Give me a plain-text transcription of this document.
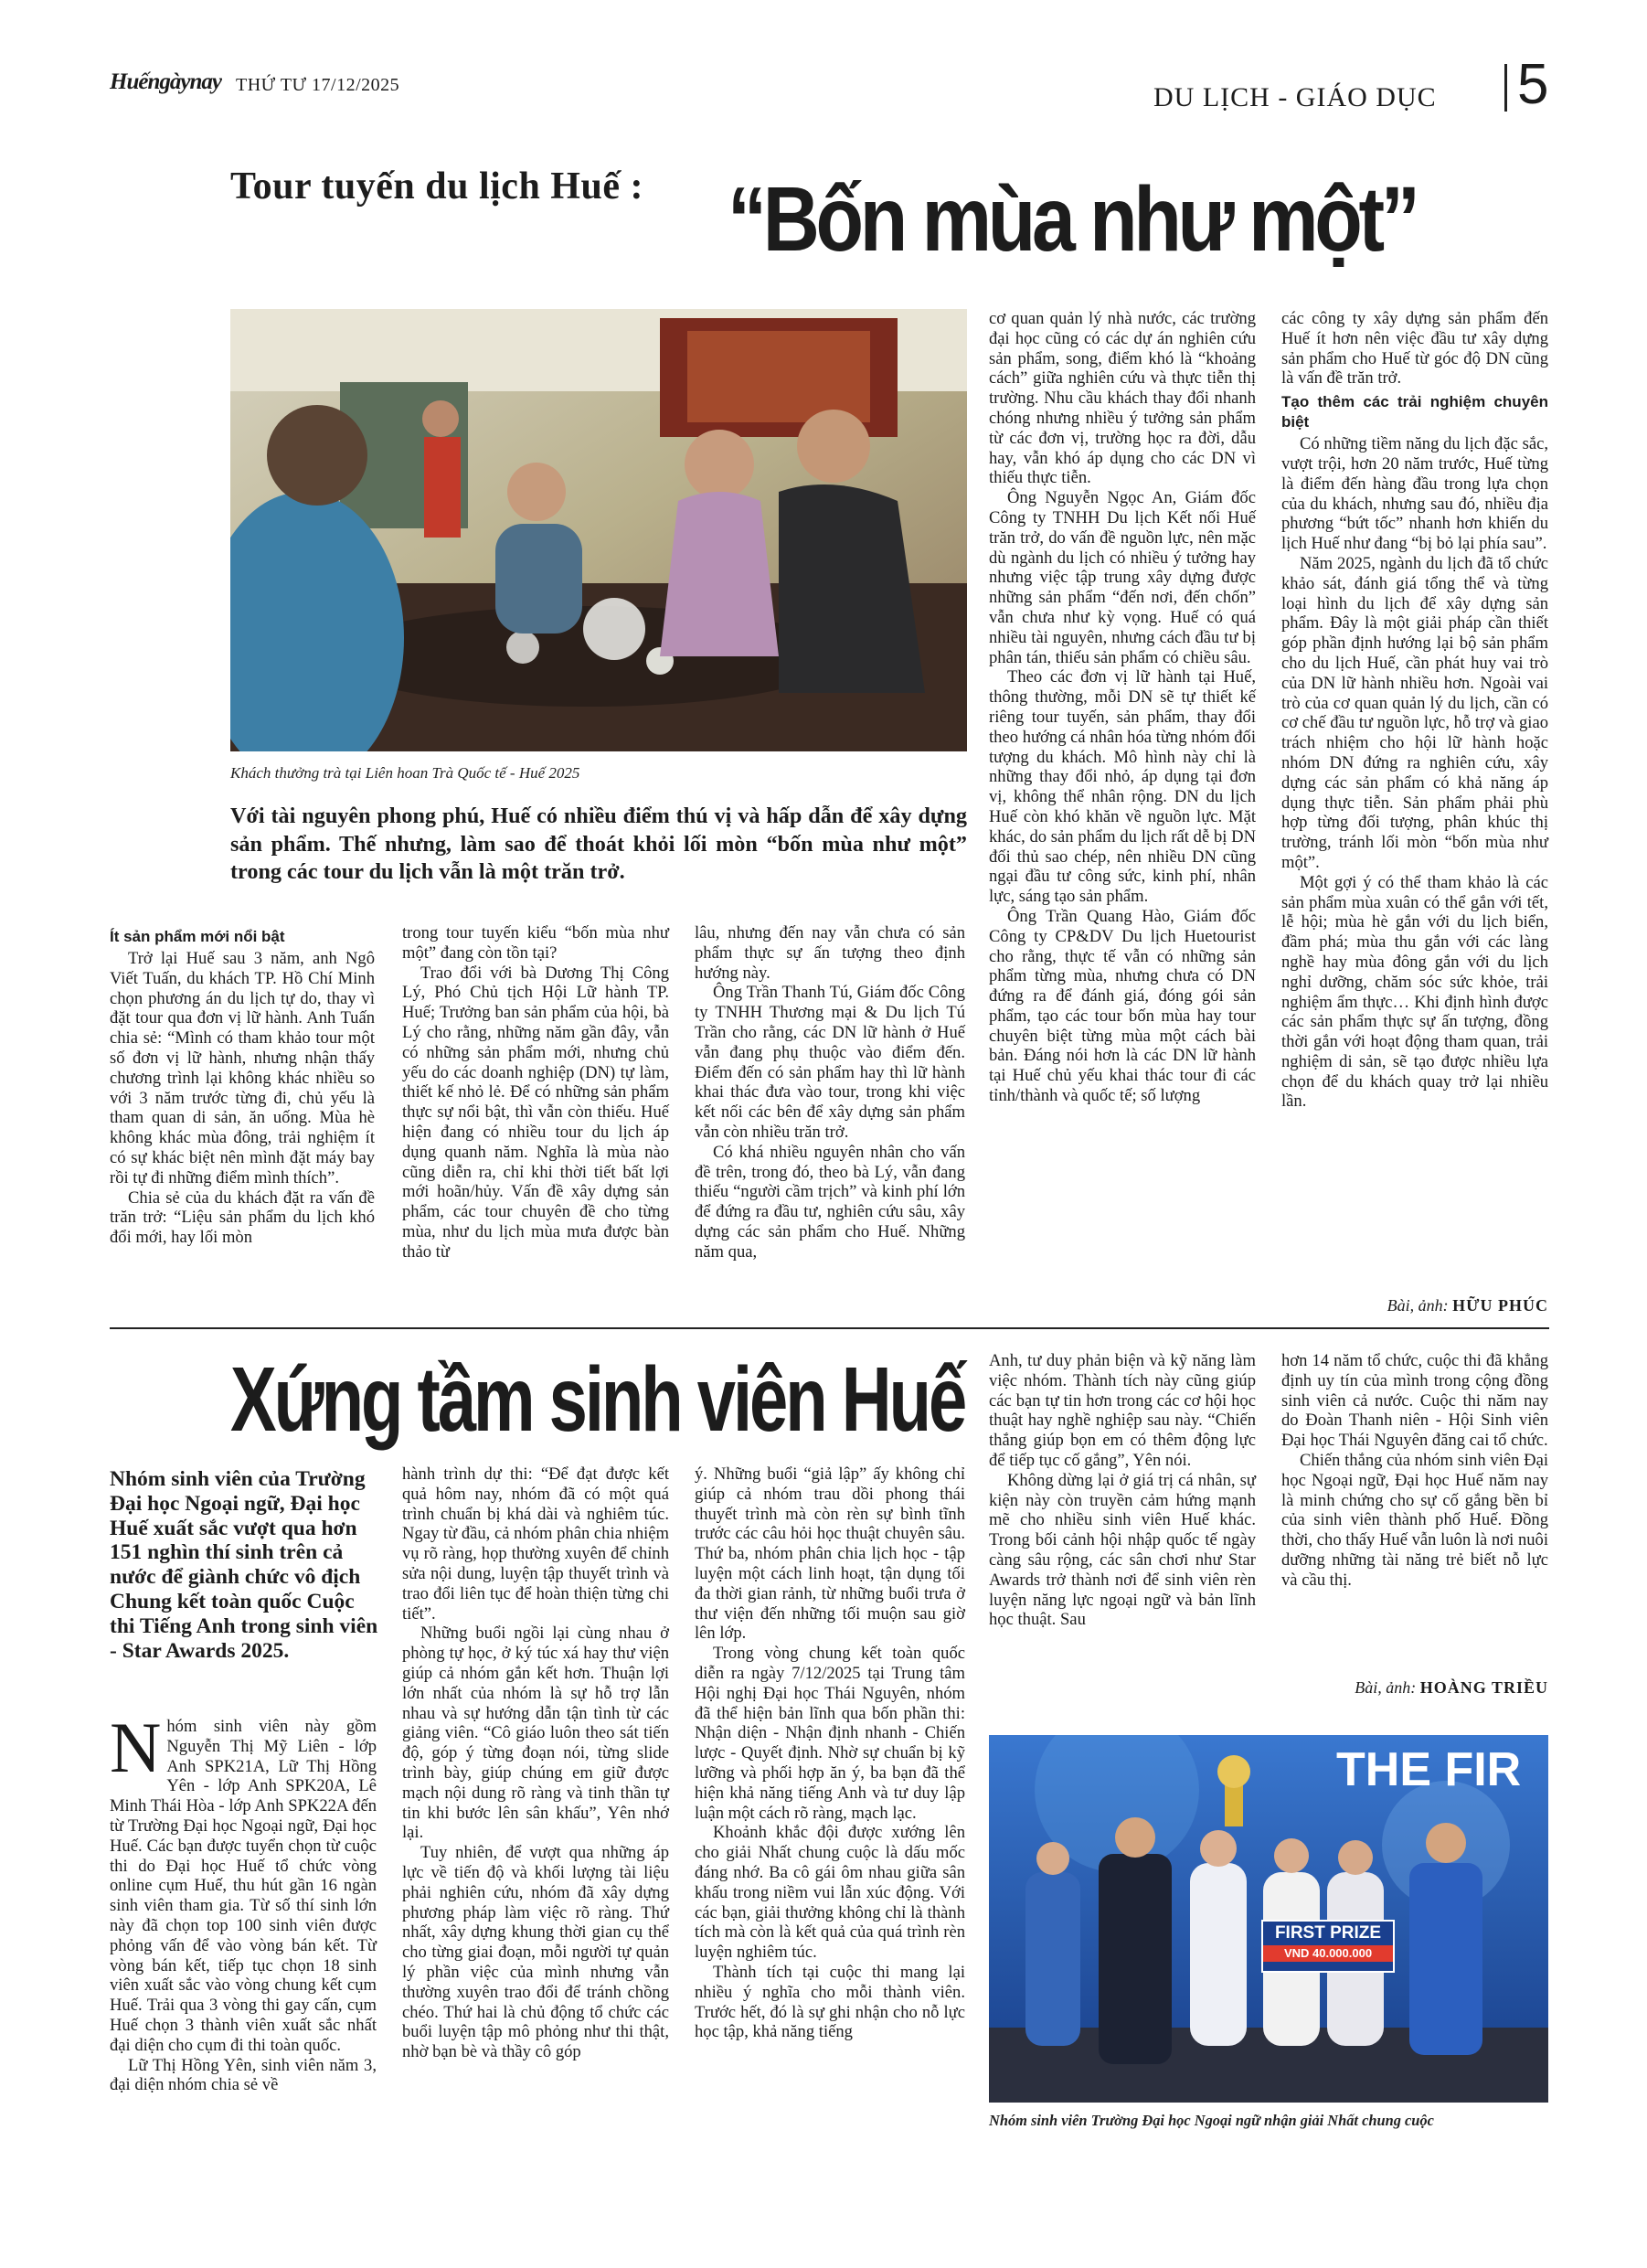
Huếngàynay THỨ TƯ 17/12/2025	DU LỊCH - GIÁO DỤC 5
Tour tuyến du lịch Huế : “Bốn mùa như một”
Khách thưởng trà tại Liên hoan Trà Quốc tế - Huế 2025
Với tài nguyên phong phú, Huế có nhiều điểm thú vị và hấp dẫn để xây dựng sản phẩm. Thế nhưng, làm sao để thoát khỏi lối mòn “bốn mùa như một” trong các tour du lịch vẫn là một trăn trở.

Ít sản phẩm mới nổi bật

Trở lại Huế sau 3 năm, anh Ngô Viết Tuấn, du khách TP. Hồ Chí Minh chọn phương án du lịch tự do, thay vì đặt tour qua đơn vị lữ hành. Anh Tuấn chia sẻ: “Mình có tham khảo tour một số đơn vị lữ hành, nhưng nhận thấy chương trình lại không khác nhiều so với 3 năm trước từng đi, chủ yếu là tham quan di sản, ăn uống. Mùa hè không khác mùa đông, trải nghiệm ít có sự khác biệt nên mình đặt máy bay rồi tự đi những điểm mình thích”.

Chia sẻ của du khách đặt ra vấn đề trăn trở: “Liệu sản phẩm du lịch khó đổi mới, hay lối mòn

trong tour tuyến kiểu “bốn mùa như một” đang còn tồn tại?

Trao đổi với bà Dương Thị Công Lý, Phó Chủ tịch Hội Lữ hành TP. Huế; Trưởng ban sản phẩm của hội, bà Lý cho rằng, những năm gần đây, vẫn có những sản phẩm mới, nhưng chủ yếu do các doanh nghiệp (DN) tự làm, thiết kế nhỏ lẻ. Để có những sản phẩm thực sự nổi bật, thì vẫn còn thiếu. Huế hiện đang có nhiều tour du lịch áp dụng quanh năm. Nghĩa là mùa nào cũng diễn ra, chỉ khi thời tiết bất lợi mới hoãn/hủy. Vấn đề xây dựng sản phẩm, các tour chuyên đề cho từng mùa, như du lịch mùa mưa được bàn thảo từ

lâu, nhưng đến nay vẫn chưa có sản phẩm thực sự ấn tượng theo định hướng này.

Ông Trần Thanh Tú, Giám đốc Công ty TNHH Thương mại & Du lịch Tú Trần cho rằng, các DN lữ hành ở Huế vẫn đang phụ thuộc vào điểm đến. Điểm đến có sản phẩm hay thì lữ hành khai thác đưa vào tour, trong khi việc kết nối các bên để xây dựng sản phẩm vẫn còn nhiều trăn trở.

Có khá nhiều nguyên nhân cho vấn đề trên, trong đó, theo bà Lý, vẫn đang thiếu “người cầm trịch” và kinh phí lớn để đứng ra đầu tư, nghiên cứu sâu, xây dựng các sản phẩm cho Huế. Những năm qua,

cơ quan quản lý nhà nước, các trường đại học cũng có các dự án nghiên cứu sản phẩm, song, điểm khó là “khoảng cách” giữa nghiên cứu và thực tiễn thị trường. Nhu cầu khách thay đổi nhanh chóng nhưng nhiều ý tưởng sản phẩm từ các đơn vị, trường học ra đời, dẫu hay, vẫn khó áp dụng cho các DN vì thiếu thực tiễn.

Ông Nguyễn Ngọc An, Giám đốc Công ty TNHH Du lịch Kết nối Huế trăn trở, do vấn đề nguồn lực, nên mặc dù ngành du lịch có nhiều ý tưởng hay nhưng việc tập trung xây dựng được những sản phẩm “đến nơi, đến chốn” vẫn chưa như kỳ vọng. Huế có quá nhiều tài nguyên, nhưng cách đầu tư bị phân tán, thiếu sản phẩm có chiều sâu.

Theo các đơn vị lữ hành tại Huế, thông thường, mỗi DN sẽ tự thiết kế riêng tour tuyến, sản phẩm, thay đổi theo hướng cá nhân hóa từng nhóm đối tượng du khách. Mô hình này chỉ là những thay đổi nhỏ, áp dụng tại đơn vị, không thể nhân rộng. DN du lịch Huế còn khó khăn về nguồn lực. Mặt khác, do sản phẩm du lịch rất dễ bị DN đối thủ sao chép, nên nhiều DN cũng ngại đầu tư công sức, kinh phí, nhân lực, sáng tạo sản phẩm.

Ông Trần Quang Hào, Giám đốc Công ty CP&DV Du lịch Huetourist cho rằng, thực tế vẫn có những sản phẩm từng mùa, nhưng chưa có DN đứng ra để đánh giá, đóng gói sản phẩm, tạo các tour bốn mùa hay tour chuyên biệt từng mùa một cách bài bản. Đáng nói hơn là các DN lữ hành tại Huế chủ yếu khai thác tour đi các tỉnh/thành và quốc tế; số lượng

các công ty xây dựng sản phẩm đến Huế ít hơn nên việc đầu tư xây dựng sản phẩm cho Huế từ góc độ DN cũng là vấn đề trăn trở.

Tạo thêm các trải nghiệm chuyên biệt

Có những tiềm năng du lịch đặc sắc, vượt trội, hơn 20 năm trước, Huế từng là điểm đến hàng đầu trong lựa chọn của du khách, nhưng sau đó, nhiều địa phương “bứt tốc” nhanh hơn khiến du lịch Huế như đang “bị bỏ lại phía sau”.

Năm 2025, ngành du lịch đã tổ chức khảo sát, đánh giá tổng thể và từng loại hình du lịch để xây dựng sản phẩm. Đây là một giải pháp cần thiết góp phần định hướng lại bộ sản phẩm cho du lịch Huế, cần phát huy vai trò của DN lữ hành nhiều hơn. Ngoài vai trò của cơ quan quản lý du lịch, cần có cơ chế đầu tư nguồn lực, hỗ trợ và giao trách nhiệm cho hội lữ hành hoặc nhóm DN đứng ra nghiên cứu, xây dựng các sản phẩm có khả năng áp dụng thực tiễn. Sản phẩm phải phù hợp từng đối tượng, phân khúc thị trường, tránh lối mòn “bốn mùa như một”.

Một gợi ý có thể tham khảo là các sản phẩm mùa xuân có thể gắn với tết, lễ hội; mùa hè gắn với du lịch biển, đầm phá; mùa thu gắn với các làng nghề hay mùa đông gắn với du lịch nghỉ dưỡng, chăm sóc sức khỏe, trải nghiệm ẩm thực… Khi định hình được các sản phẩm thực sự ấn tượng, đồng thời gắn với hoạt động tham quan, trải nghiệm di sản, sẽ tạo được nhiều lựa chọn để du khách quay trở lại nhiều lần.

Bài, ảnh: HỮU PHÚC
Xứng tầm sinh viên Huế
Nhóm sinh viên của Trường Đại học Ngoại ngữ, Đại học Huế xuất sắc vượt qua hơn 151 nghìn thí sinh trên cả nước để giành chức vô địch Chung kết toàn quốc Cuộc thi Tiếng Anh trong sinh viên - Star Awards 2025.

Nhóm sinh viên này gồm Nguyễn Thị Mỹ Liên - lớp Anh SPK21A, Lữ Thị Hồng Yên - lớp Anh SPK20A, Lê Minh Thái Hòa - lớp Anh SPK22A đến từ Trường Đại học Ngoại ngữ, Đại học Huế. Các bạn được tuyển chọn từ cuộc thi do Đại học Huế tổ chức vòng online cụm Huế, thu hút gần 16 ngàn sinh viên tham gia. Từ số thí sinh lớn này đã chọn top 100 sinh viên được phỏng vấn để vào vòng bán kết. Từ vòng bán kết, tiếp tục chọn 18 sinh viên xuất sắc vào vòng chung kết cụm Huế. Trải qua 3 vòng thi gay cấn, cụm Huế chọn 3 thành viên xuất sắc nhất đại diện cho cụm đi thi toàn quốc.

Lữ Thị Hồng Yên, sinh viên năm 3, đại diện nhóm chia sẻ về

hành trình dự thi: “Để đạt được kết quả hôm nay, nhóm đã có một quá trình chuẩn bị khá dài và nghiêm túc. Ngay từ đầu, cả nhóm phân chia nhiệm vụ rõ ràng, họp thường xuyên để chỉnh sửa nội dung, luyện tập thuyết trình và trao đổi liên tục để hoàn thiện từng chi tiết”.

Những buổi ngồi lại cùng nhau ở phòng tự học, ở ký túc xá hay thư viện giúp cả nhóm gắn kết hơn. Thuận lợi lớn nhất của nhóm là sự hỗ trợ lẫn nhau và sự hướng dẫn tận tình từ các giảng viên. “Cô giáo luôn theo sát tiến độ, góp ý từng đoạn nói, từng slide trình bày, giúp chúng em giữ được mạch nội dung rõ ràng và tinh thần tự tin khi bước lên sân khấu”, Yên nhớ lại.

Tuy nhiên, để vượt qua những áp lực về tiến độ và khối lượng tài liệu phải nghiên cứu, nhóm đã xây dựng phương pháp làm việc rõ ràng. Thứ nhất, xây dựng khung thời gian cụ thể cho từng giai đoạn, mỗi người tự quản lý phần việc của mình nhưng vẫn thường xuyên trao đổi để tránh chồng chéo. Thứ hai là chủ động tổ chức các buổi luyện tập mô phỏng như thi thật, nhờ bạn bè và thầy cô góp

ý. Những buổi “giả lập” ấy không chỉ giúp cả nhóm trau dồi phong thái thuyết trình mà còn rèn sự bình tĩnh trước các câu hỏi học thuật chuyên sâu. Thứ ba, nhóm phân chia lịch học - tập luyện một cách linh hoạt, tận dụng tối đa thời gian rảnh, từ những buổi trưa ở thư viện đến những tối muộn sau giờ lên lớp.

Trong vòng chung kết toàn quốc diễn ra ngày 7/12/2025 tại Trung tâm Hội nghị Đại học Thái Nguyên, nhóm đã thể hiện bản lĩnh qua bốn phần thi: Nhận diện - Nhận định nhanh - Chiến lược - Quyết định. Nhờ sự chuẩn bị kỹ lưỡng và phối hợp ăn ý, ba bạn đã thể hiện khả năng tiếng Anh và tư duy lập luận một cách rõ ràng, mạch lạc.

Khoảnh khắc đội được xướng lên cho giải Nhất chung cuộc là dấu mốc đáng nhớ. Ba cô gái ôm nhau giữa sân khấu trong niềm vui lẫn xúc động. Với các bạn, giải thưởng không chỉ là thành tích mà còn là kết quả của quá trình rèn luyện nghiêm túc.

Thành tích tại cuộc thi mang lại nhiều ý nghĩa cho mỗi thành viên. Trước hết, đó là sự ghi nhận cho nỗ lực học tập, khả năng tiếng

Anh, tư duy phản biện và kỹ năng làm việc nhóm. Thành tích này cũng giúp các bạn tự tin hơn trong các cơ hội học thuật hay nghề nghiệp sau này. “Chiến thắng giúp bọn em có thêm động lực để tiếp tục cố gắng”, Yên nói.

Không dừng lại ở giá trị cá nhân, sự kiện này còn truyền cảm hứng mạnh mẽ cho nhiều sinh viên Huế khác. Trong bối cảnh hội nhập quốc tế ngày càng sâu rộng, các sân chơi như Star Awards trở thành nơi để sinh viên rèn luyện năng lực ngoại ngữ và bản lĩnh học thuật. Sau

hơn 14 năm tổ chức, cuộc thi đã khẳng định uy tín của mình trong cộng đồng sinh viên cả nước. Cuộc thi năm nay do Đoàn Thanh niên - Hội Sinh viên Đại học Thái Nguyên đăng cai tổ chức.

Chiến thắng của nhóm sinh viên Đại học Ngoại ngữ, Đại học Huế năm nay là minh chứng cho sự cố gắng bền bỉ của sinh viên thành phố Huế. Đồng thời, cho thấy Huế vẫn luôn là nơi nuôi dưỡng những tài năng trẻ biết nỗ lực và cầu thị.

Bài, ảnh: HOÀNG TRIỀU
THE FIR
FIRST PRIZE
VND 40.000.000
Nhóm sinh viên Trường Đại học Ngoại ngữ nhận giải Nhất chung cuộc
